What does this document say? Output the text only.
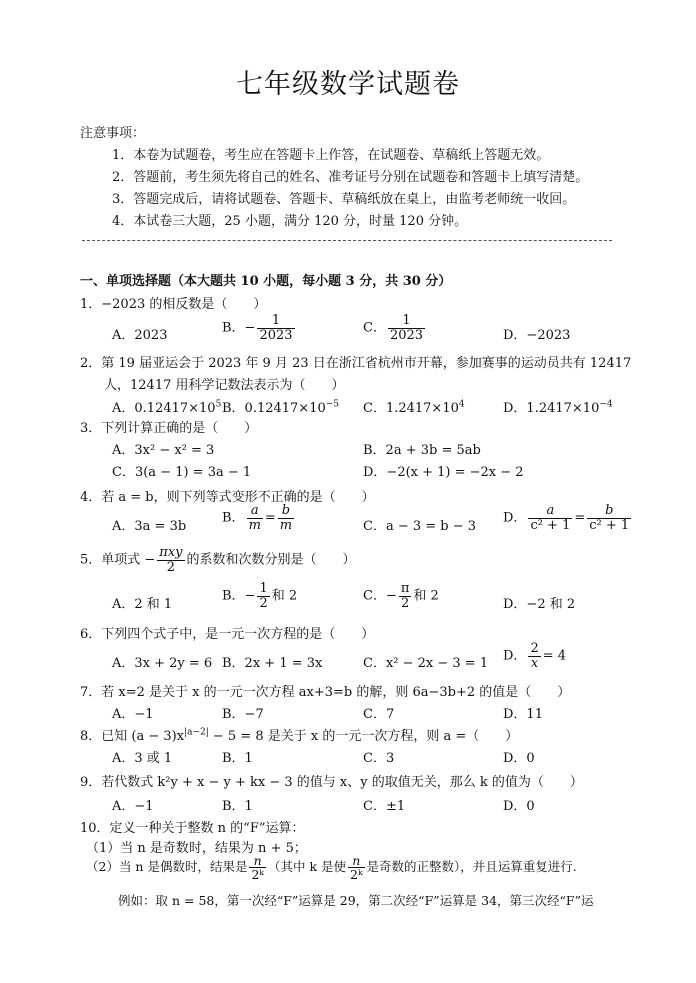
七年级数学试题卷
注意事项：
1．本卷为试题卷，考生应在答题卡上作答，在试题卷、草稿纸上答题无效。
2．答题前，考生须先将自己的姓名、准考证号分别在试题卷和答题卡上填写清楚。
3．答题完成后，请将试题卷、答题卡、草稿纸放在桌上，由监考老师统一收回。
4．本试卷三大题，25 小题，满分 120 分，时量 120 分钟。
一、单项选择题（本大题共 10 小题，每小题 3 分，共 30 分）
1．−2023 的相反数是（　　）
A．2023	B．− $\frac{1}{2023}$	C． $\frac{1}{2023}$	D．−2023
2．第 19 届亚运会于 2023 年 9 月 23 日在浙江省杭州市开幕，参加赛事的运动员共有 12417
人，12417 用科学记数法表示为（　　）
A．$0.12417\times 10^5$ B．$0.12417\times 10^{-5}$ C．$1.2417\times 10^4$	D．$1.2417\times 10^{-4}$
3．下列计算正确的是（　　）
A．3x² − x² = 3	B．2a + 3b = 5ab
C．3(a − 1) = 3a − 1	D．−2(x + 1) = −2x − 2
4．若 a = b，则下列等式变形不正确的是（　　）
A．3a = 3b
B． $\frac{a}{m} = \frac{b}{m}$	C．a − 3 = b − 3
D． $\frac{a}{\text{c² + 1}} = \frac{b}{\text{c² + 1}}$
5．单项式 − $\frac{\text{πxy}}{2}$ 的系数和次数分别是（　　）
A．2 和 1
B．− $\frac{1}{2}$ 和 2	C．− $\frac{\pi}{2}$ 和 2
D．−2 和 2
6．下列四个式子中，是一元一次方程的是（　　）
A．3x + 2y = 6 B．2x + 1 = 3x	C．x² − 2x − 3 = 1 D． $\frac{2}{x} = 4$
7．若 x=2 是关于 x 的一元一次方程 ax+3=b 的解，则 6a−3b+2 的值是（　　）
A．−1	B．−7	C．7	D．11
8．已知 $(a - 3)x^{|a-2|} - 5 = 8$ 是关于 x 的一元一次方程，则 a =（　　）
A．3 或 1	B．1	C．3	D．0
9．若代数式 k²y + x − y + kx − 3 的值与 x、y 的取值无关，那么 k 的值为（　　）
A．−1	B．1	C．±1	D．0
10．定义一种关于整数 n 的“F”运算：
（1）当 n 是奇数时，结果为 n + 5；
（2）当 n 是偶数时，结果是 $\frac{n}{\text{2ᵏ}}$ （其中 k 是使 $\frac{n}{\text{2ᵏ}}$ 是奇数的正整数），并且运算重复进行.
例如：取 n = 58，第一次经“F”运算是 29，第二次经“F”运算是 34，第三次经“F”运
